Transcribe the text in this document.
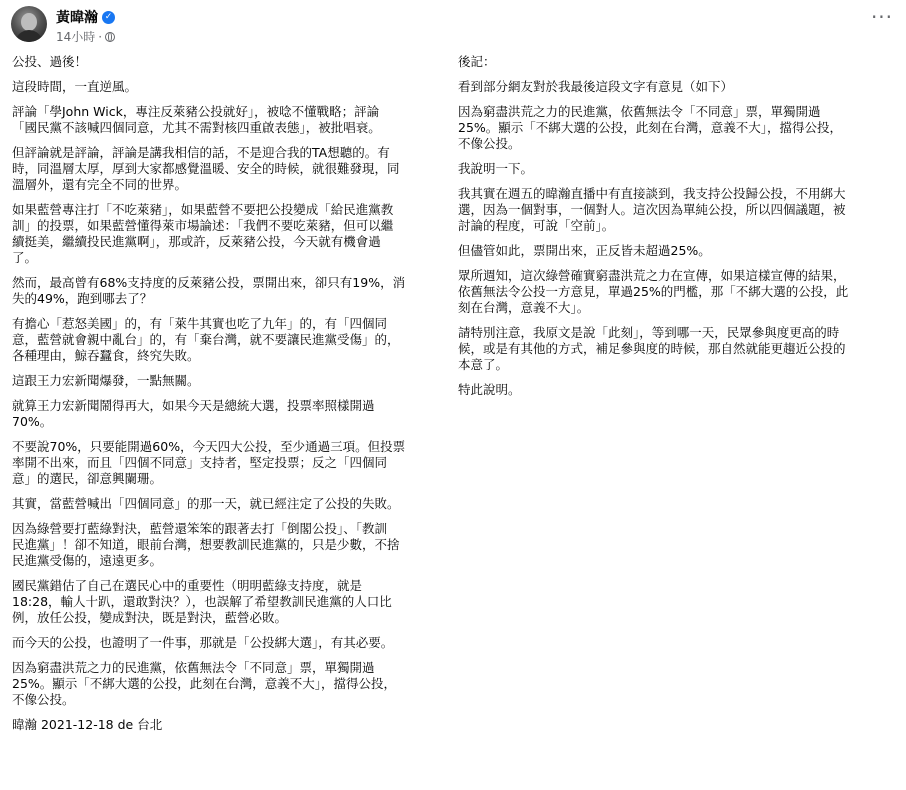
黃暐瀚 ✓
14小時 ·
···

公投、過後！

這段時間，一直逆風。

評論「學John Wick，專注反萊豬公投就好」，被唸不懂戰略；評論
「國民黨不該喊四個同意，尤其不需對核四重啟表態」，被批唱衰。

但評論就是評論，評論是講我相信的話，不是迎合我的TA想聽的。有
時，同溫層太厚，厚到大家都感覺溫暖、安全的時候，就很難發現，同
溫層外，還有完全不同的世界。

如果藍營專注打「不吃萊豬」，如果藍營不要把公投變成「給民進黨教
訓」的投票，如果藍營懂得萊市場論述：「我們不要吃萊豬，但可以繼
續挺美，繼續投民進黨啊」，那或許，反萊豬公投，今天就有機會過
了。

然而，最高曾有68%支持度的反萊豬公投，票開出來，卻只有19%，消
失的49%，跑到哪去了？

有擔心「惹怒美國」的，有「萊牛其實也吃了九年」的，有「四個同
意，藍營就會親中亂台」的，有「棄台灣，就不要讓民進黨受傷」的，
各種理由，鯨吞蠶食，終究失敗。

這跟王力宏新聞爆發，一點無關。

就算王力宏新聞鬧得再大，如果今天是總統大選，投票率照樣開過
70%。

不要說70%，只要能開過60%，今天四大公投，至少通過三項。但投票
率開不出來，而且「四個不同意」支持者，堅定投票；反之「四個同
意」的選民，卻意興闌珊。

其實，當藍營喊出「四個同意」的那一天，就已經注定了公投的失敗。

因為綠營要打藍綠對決，藍營還笨笨的跟著去打「倒閣公投」、「教訓
民進黨」！卻不知道，眼前台灣，想要教訓民進黨的，只是少數，不捨
民進黨受傷的，遠遠更多。

國民黨錯估了自己在選民心中的重要性（明明藍綠支持度，就是
18:28，輸人十趴，還敢對決？），也誤解了希望教訓民進黨的人口比
例，放任公投，變成對決，既是對決，藍營必敗。

而今天的公投，也證明了一件事，那就是「公投綁大選」，有其必要。

因為窮盡洪荒之力的民進黨，依舊無法令「不同意」票，單獨開過
25%。顯示「不綁大選的公投，此刻在台灣，意義不大」，擋得公投，
不像公投。

暐瀚 2021-12-18 de 台北

後記：

看到部分網友對於我最後這段文字有意見（如下）

因為窮盡洪荒之力的民進黨，依舊無法令「不同意」票，單獨開過
25%。顯示「不綁大選的公投，此刻在台灣，意義不大」，擋得公投，
不像公投。

我說明一下。

我其實在週五的暐瀚直播中有直接談到，我支持公投歸公投，不用綁大
選，因為一個對事，一個對人。這次因為單純公投，所以四個議題，被
討論的程度，可說「空前」。

但儘管如此，票開出來，正反皆未超過25%。

眾所週知，這次綠營確實窮盡洪荒之力在宣傳，如果這樣宣傳的結果，
依舊無法令公投一方意見，單過25%的門檻，那「不綁大選的公投，此
刻在台灣，意義不大」。

請特別注意，我原文是說「此刻」，等到哪一天，民眾參與度更高的時
候，或是有其他的方式，補足參與度的時候，那自然就能更趨近公投的
本意了。

特此說明。
